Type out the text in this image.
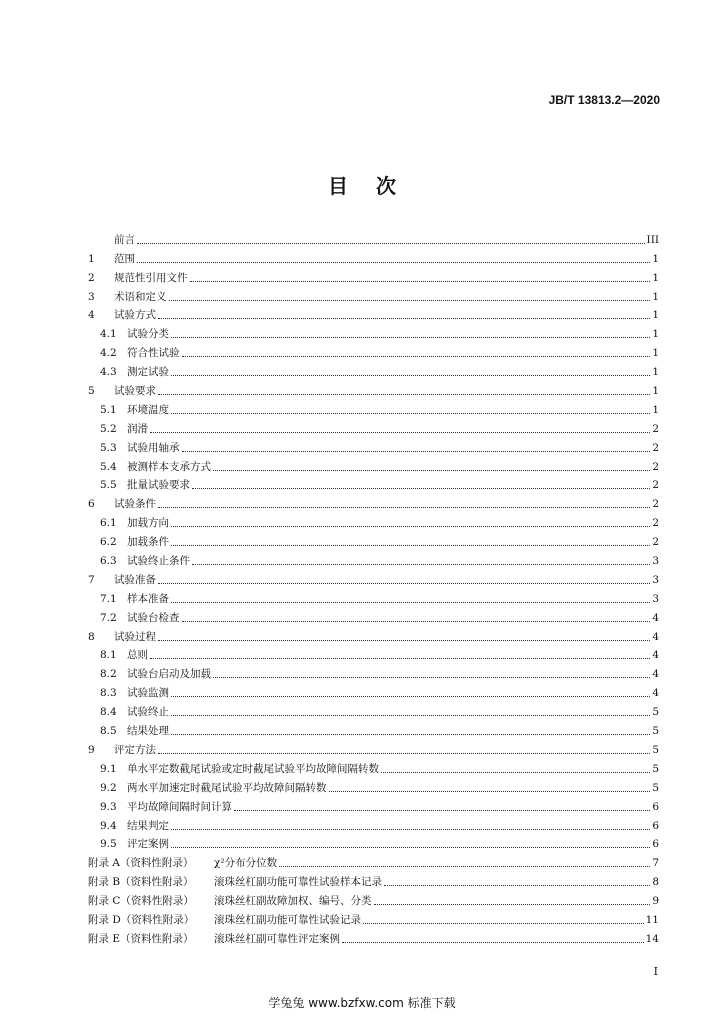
JB/T 13813.2—2020
目 次
前言	III
1	范围	1
2	规范性引用文件	1
3	术语和定义	1
4	试验方式	1
4.1 试验分类	1
4.2 符合性试验	1
4.3 测定试验	1
5	试验要求	1
5.1 环境温度	1
5.2 润滑	2
5.3 试验用轴承	2
5.4 被测样本支承方式	2
5.5 批量试验要求	2
6	试验条件	2
6.1 加载方向	2
6.2 加载条件	2
6.3 试验终止条件	3
7	试验准备	3
7.1 样本准备	3
7.2 试验台检查	4
8	试验过程	4
8.1 总则	4
8.2 试验台启动及加载	4
8.3 试验监测	4
8.4 试验终止	5
8.5 结果处理	5
9	评定方法	5
9.1 单水平定数截尾试验或定时截尾试验平均故障间隔转数	5
9.2 两水平加速定时截尾试验平均故障间隔转数	5
9.3 平均故障间隔时间计算	6
9.4 结果判定	6
9.5 评定案例	6
附录 A（资料性附录）	χ²分布分位数	7
附录 B（资料性附录）	滚珠丝杠副功能可靠性试验样本记录	8
附录 C（资料性附录）	滚珠丝杠副故障加权、编号、分类	9
附录 D（资料性附录）	滚珠丝杠副功能可靠性试验记录	11
附录 E（资料性附录）	滚珠丝杠副可靠性评定案例	14
I
学兔兔 www.bzfxw.com 标准下载
